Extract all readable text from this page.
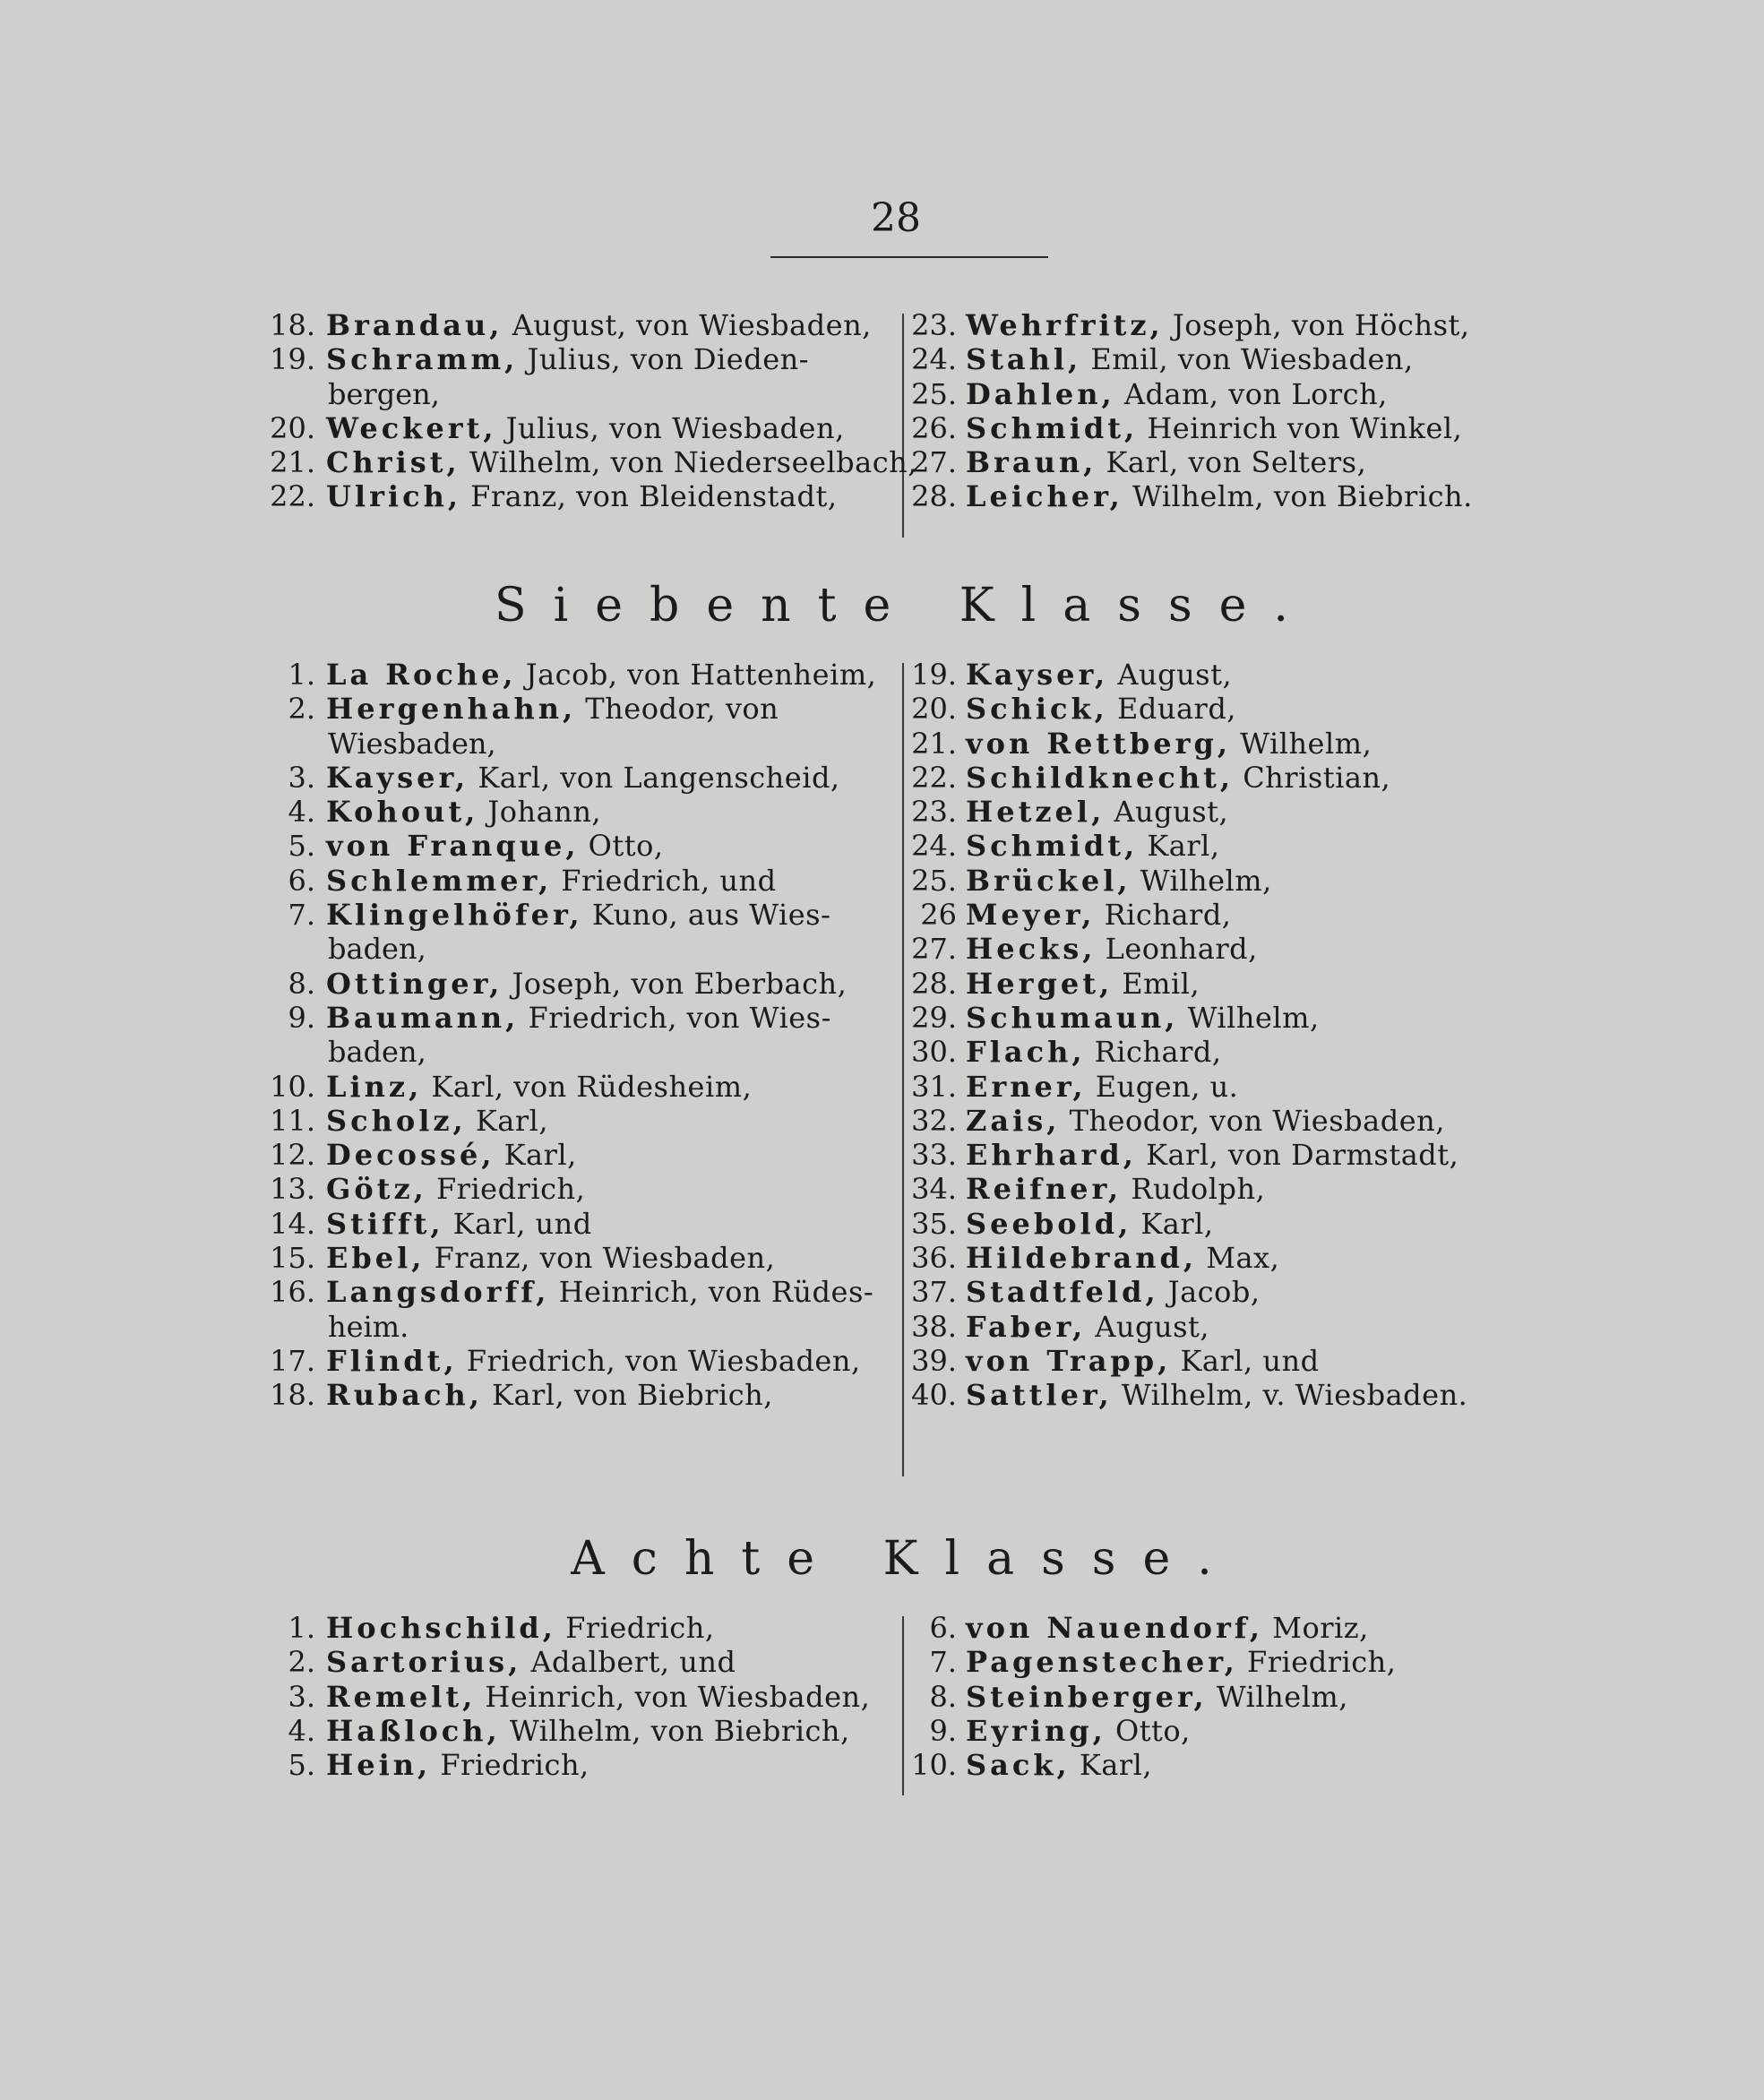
28
18. Brandau,
August, von Wiesbaden,
19. Schramm,
Julius, von Dieden-
bergen,
20. Weckert,
Julius, von Wiesbaden,
21. Christ,
Wilhelm, von Niederseelbach,
22. Ulrich,
Franz, von Bleidenstadt,
23. Wehrfritz,
Joseph, von Höchst,
24. Stahl,
Emil, von Wiesbaden,
25. Dahlen,
Adam, von Lorch,
26. Schmidt,
Heinrich von Winkel,
27. Braun,
Karl, von Selters,
28. Leicher,
Wilhelm, von Biebrich.
Siebente Klasse.
1. La Roche,
Jacob, von Hattenheim,
2. Hergenhahn,
Theodor, von
Wiesbaden,
3. Kayser,
Karl, von Langenscheid,
4. Kohout,
Johann,
5. von Franque,
Otto,
6. Schlemmer,
Friedrich, und
7. Klingelhöfer,
Kuno, aus Wies-
baden,
8. Ottinger,
Joseph, von Eberbach,
9. Baumann,
Friedrich, von Wies-
baden,
10. Linz,
Karl, von Rüdesheim,
11. Scholz,
Karl,
12. Decossé,
Karl,
13. Götz,
Friedrich,
14. Stifft,
Karl, und
15. Ebel,
Franz, von Wiesbaden,
16. Langsdorff,
Heinrich, von Rüdes-
heim.
17. Flindt,
Friedrich, von Wiesbaden,
18. Rubach,
Karl, von Biebrich,
19. Kayser,
August,
20. Schick,
Eduard,
21. von Rettberg,
Wilhelm,
22. Schildknecht,
Christian,
23. Hetzel,
August,
24. Schmidt,
Karl,
25. Brückel,
Wilhelm,
26 Meyer,
Richard,
27. Hecks,
Leonhard,
28. Herget,
Emil,
29. Schumaun,
Wilhelm,
30. Flach,
Richard,
31. Erner,
Eugen, u.
32. Zais,
Theodor, von Wiesbaden,
33. Ehrhard,
Karl, von Darmstadt,
34. Reifner,
Rudolph,
35. Seebold,
Karl,
36. Hildebrand,
Max,
37. Stadtfeld,
Jacob,
38. Faber,
August,
39. von Trapp,
Karl, und
40. Sattler,
Wilhelm, v. Wiesbaden.
Achte Klasse.
1. Hochschild,
Friedrich,
2. Sartorius,
Adalbert, und
3. Remelt,
Heinrich, von Wiesbaden,
4. Haßloch,
Wilhelm, von Biebrich,
5. Hein,
Friedrich,
6. von Nauendorf,
Moriz,
7. Pagenstecher,
Friedrich,
8. Steinberger,
Wilhelm,
9. Eyring,
Otto,
10. Sack,
Karl,
